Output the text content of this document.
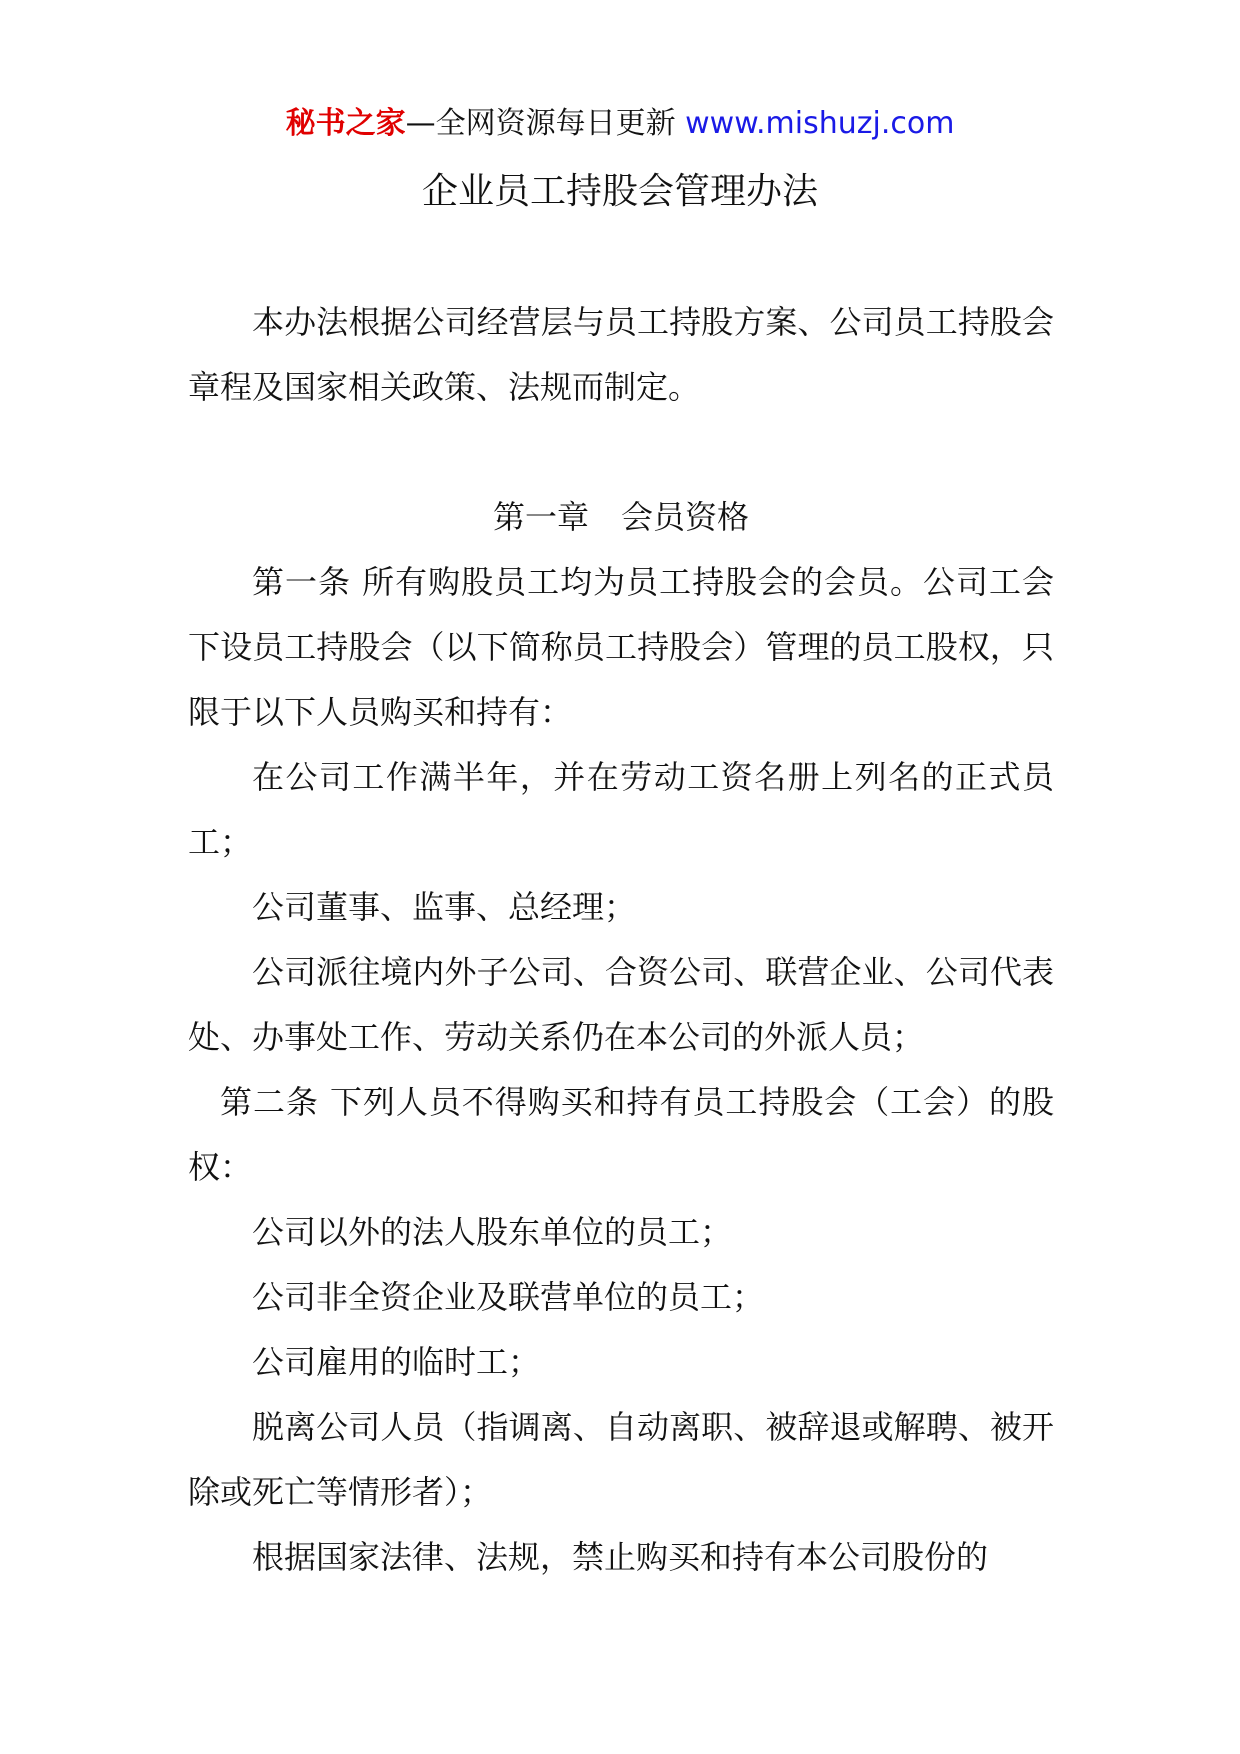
秘书之家—全网资源每日更新 www.mishuzj.com
企业员工持股会管理办法

本办法根据公司经营层与员工持股方案、公司员工持股会章程及国家相关政策、法规而制定。

第一章　会员资格

第一条 所有购股员工均为员工持股会的会员。公司工会下设员工持股会（以下简称员工持股会）管理的员工股权，只限于以下人员购买和持有：

在公司工作满半年，并在劳动工资名册上列名的正式员工；

公司董事、监事、总经理；

公司派往境内外子公司、合资公司、联营企业、公司代表处、办事处工作、劳动关系仍在本公司的外派人员；

第二条 下列人员不得购买和持有员工持股会（工会）的股权：

公司以外的法人股东单位的员工；

公司非全资企业及联营单位的员工；

公司雇用的临时工；

脱离公司人员（指调离、自动离职、被辞退或解聘、被开除或死亡等情形者）；

根据国家法律、法规，禁止购买和持有本公司股份的
